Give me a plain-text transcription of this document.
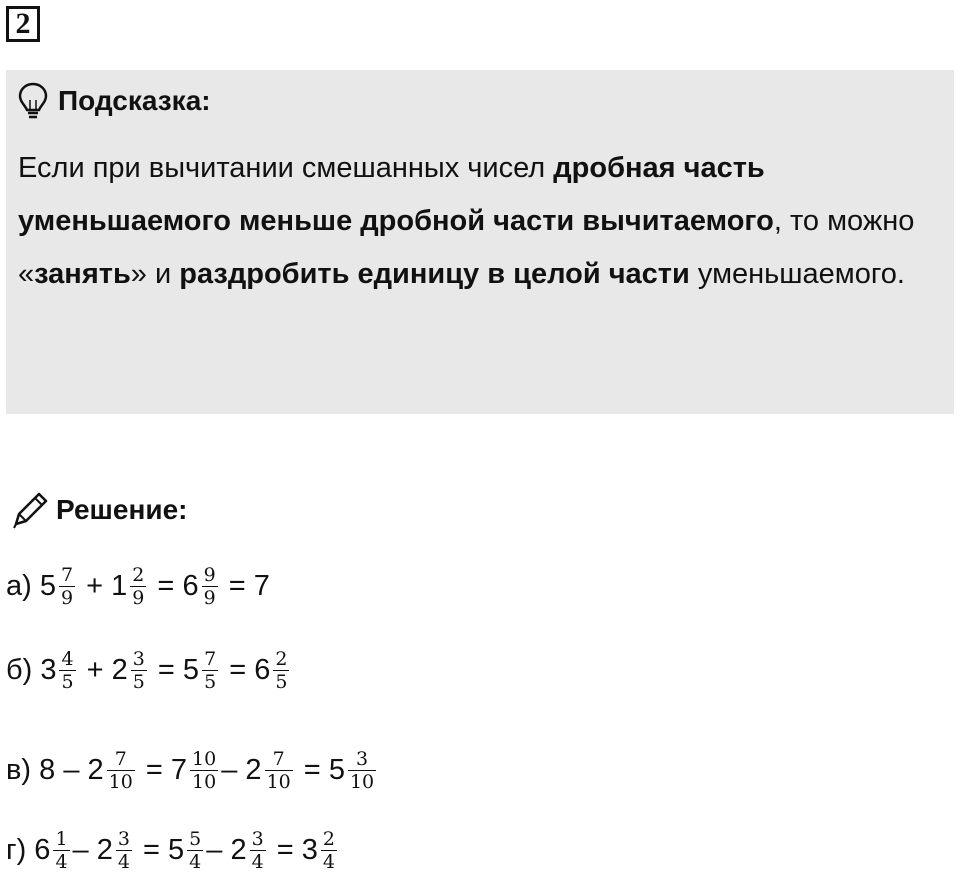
2
Подсказка:
Если при вычитании смешанных чисел дробная часть уменьшаемого меньше дробной части вычитаемого, то можно «занять» и раздробить единицу в целой части уменьшаемого.
Решение:
а) $5 \frac{7}{9} + 1 \frac{2}{9} = 6 \frac{9}{9} = 7$
б) $3 \frac{4}{5} + 2 \frac{3}{5} = 5 \frac{7}{5} = 6 \frac{2}{5}$
в) $8 - 2 \frac{7}{10} = 7 \frac{10}{10} - 2 \frac{7}{10} = 5 \frac{3}{10}$
г) $6 \frac{1}{4} - 2 \frac{3}{4} = 5 \frac{5}{4} - 2 \frac{3}{4} = 3 \frac{2}{4}$
